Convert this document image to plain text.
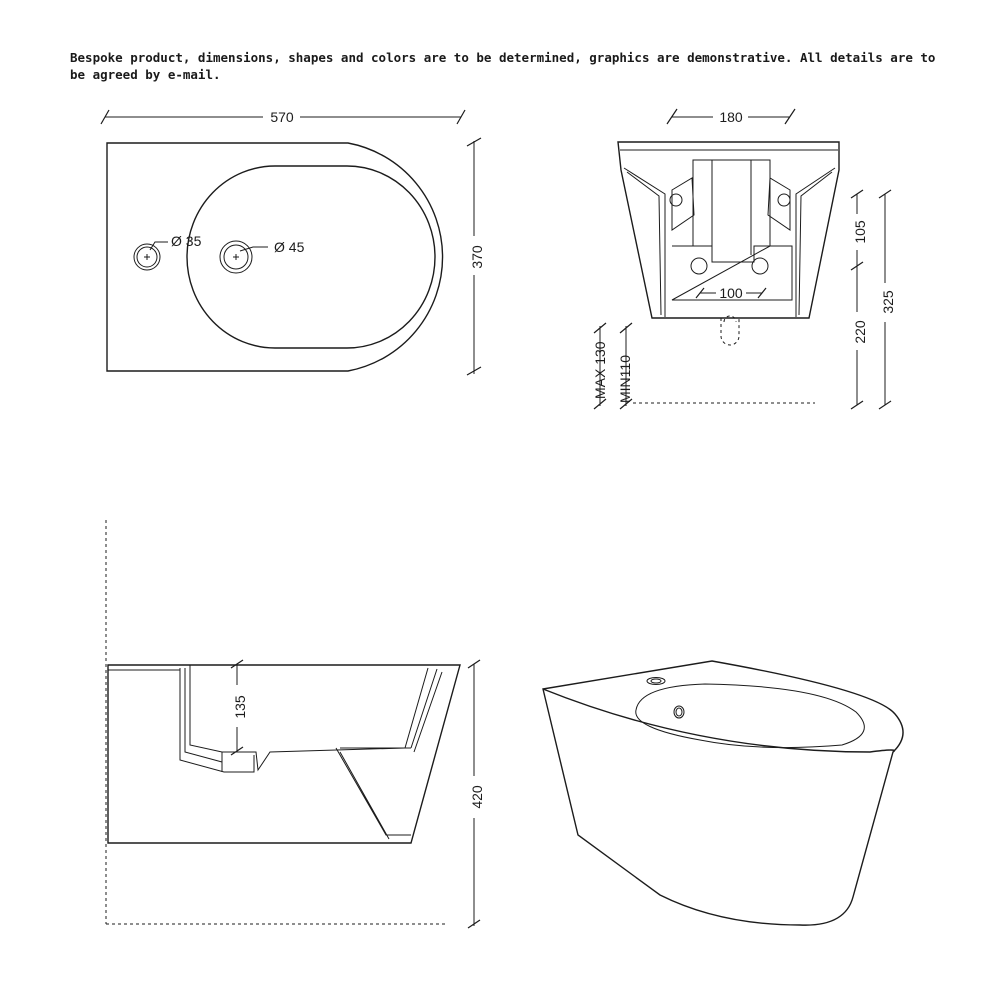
Bespoke product, dimensions, shapes and colors are to be determined, graphics are demonstrative. All details are to be agreed by e-mail.

Ø 35	Ø 45
570
370
180
100
105
220
325
MAX 130 MIN110
135
420
